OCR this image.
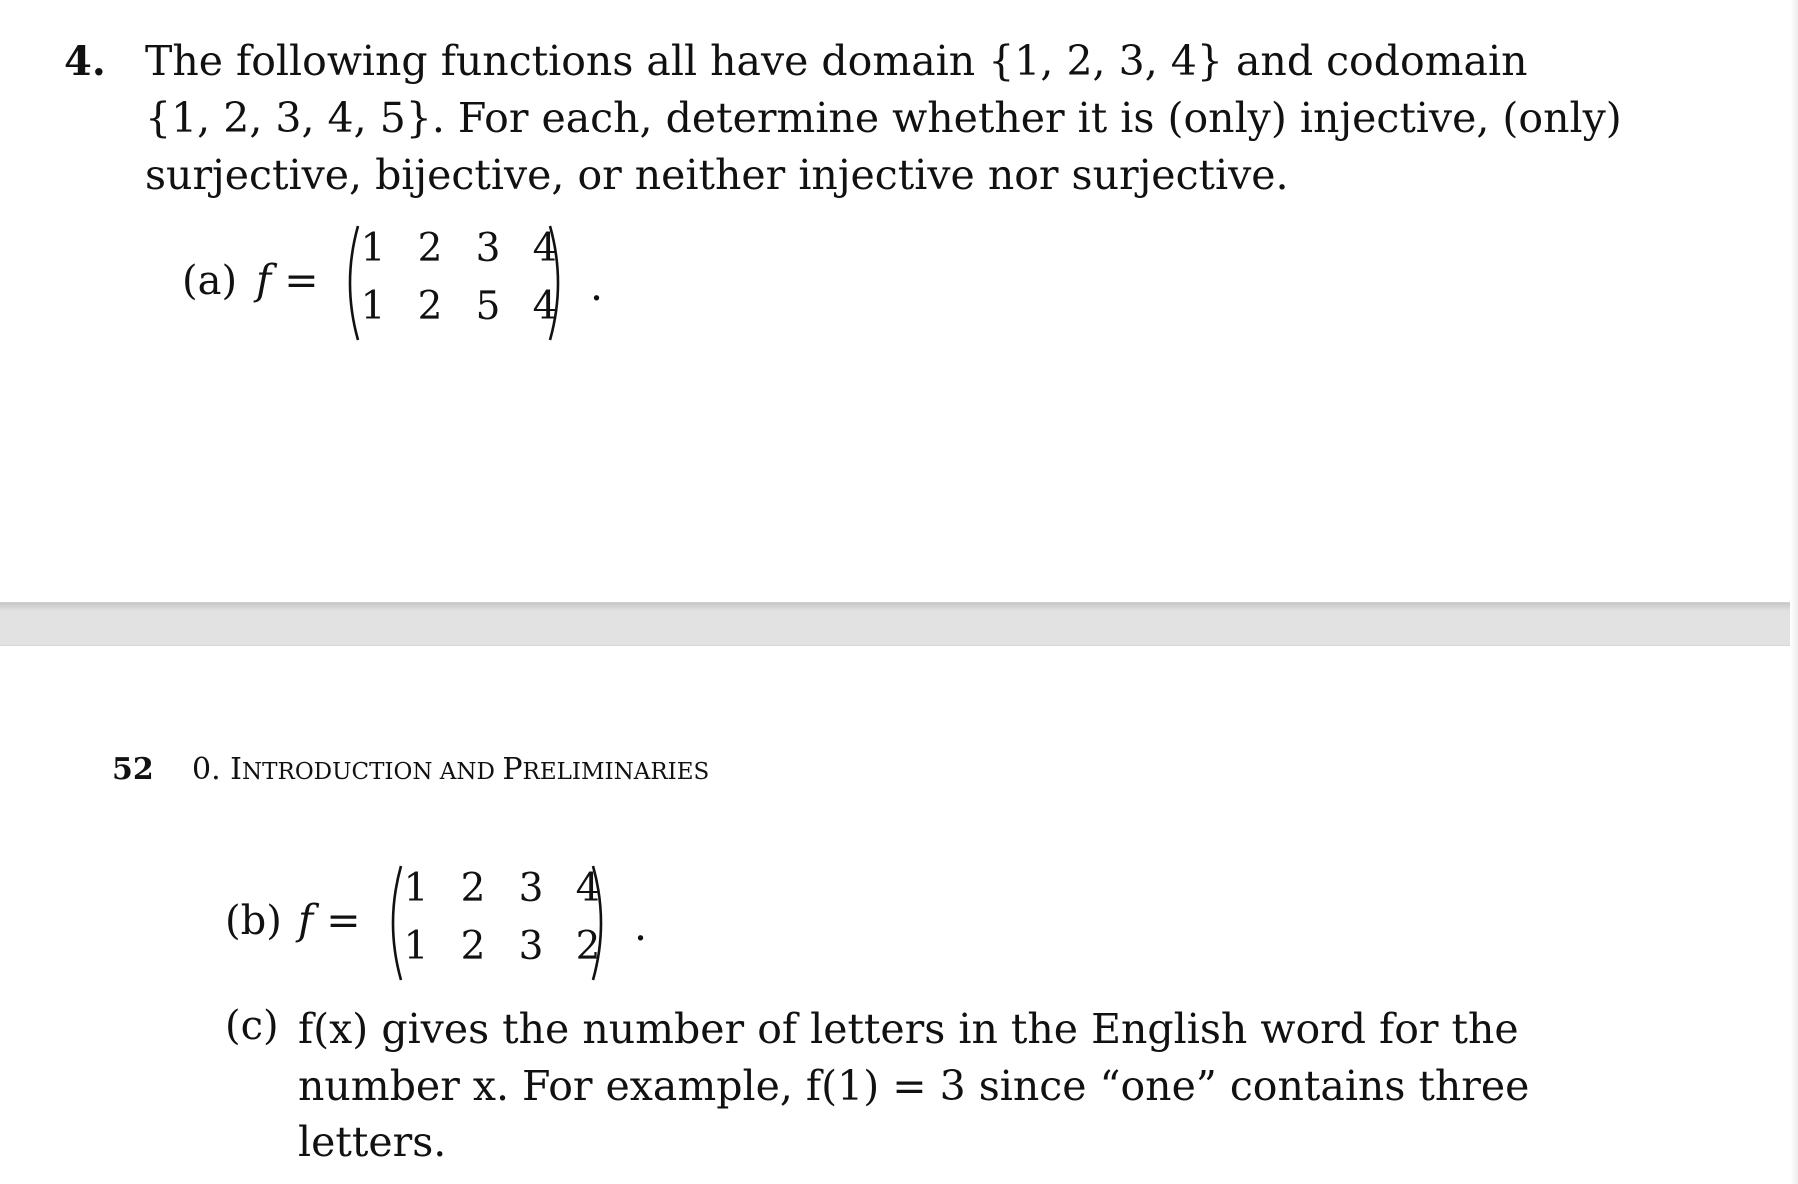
4. The following functions all have domain {1, 2, 3, 4} and codomain
{1, 2, 3, 4, 5}. For each, determine whether it is (only) injective, (only)
surjective, bijective, or neither injective nor surjective.
(a) f =
1 2 3 4
1 2 5 4 .
52 0. INTRODUCTION AND PRELIMINARIES
(b) f =
1 2 3 4
1 2 3 2 .
(c) f(x) gives the number of letters in the English word for the
number x. For example, f(1) = 3 since “one” contains three
letters.
